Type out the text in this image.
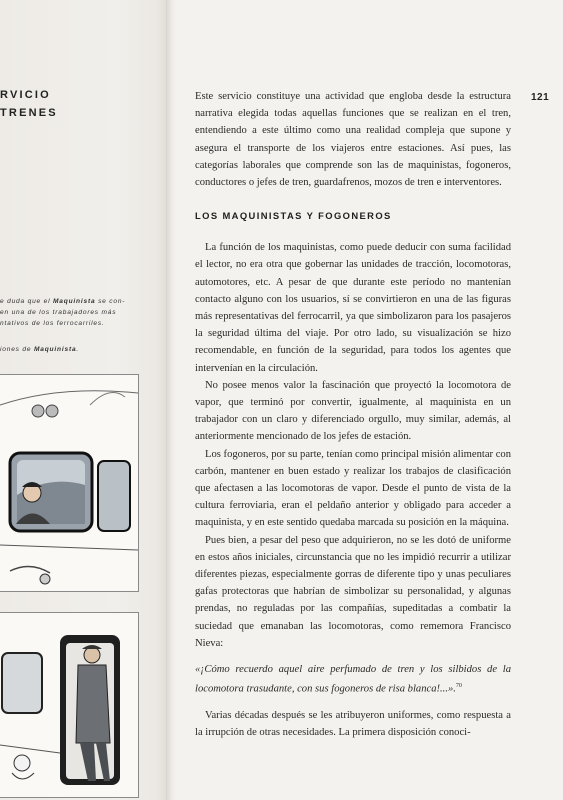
RVICIO
TRENES

e duda que el Maquinista se con-
en una de los trabajadores más
ntativos de los ferrocarriles.

iones de Maquinista.

121

Este servicio constituye una actividad que engloba desde la estructura narrativa elegida todas aquellas funciones que se realizan en el tren, entendiendo a este último como una realidad compleja que supone y asegura el transporte de los viajeros entre estaciones. Así pues, las categorías laborales que comprende son las de maquinistas, fogoneros, conductores o jefes de tren, guardafrenos, mozos de tren e interventores.

LOS MAQUINISTAS Y FOGONEROS

La función de los maquinistas, como puede deducir con suma facilidad el lector, no era otra que gobernar las unidades de tracción, locomotoras, automotores, etc. A pesar de que durante este período no mantenían contacto alguno con los usuarios, sí se convirtieron en una de las figuras más representativas del ferrocarril, ya que simbolizaron para los pasajeros la seguridad última del viaje. Por otro lado, su visualización se hizo recomendable, en función de la seguridad, para todos los agentes que intervenían en la circulación.

No posee menos valor la fascinación que proyectó la locomotora de vapor, que terminó por convertir, igualmente, al maquinista en un trabajador con un claro y diferenciado orgullo, muy similar, además, al anteriormente mencionado de los jefes de estación.

Los fogoneros, por su parte, tenían como principal misión alimentar con carbón, mantener en buen estado y realizar los trabajos de clasificación que afectasen a las locomotoras de vapor. Desde el punto de vista de la cultura ferroviaria, eran el peldaño anterior y obligado para acceder a maquinista, y en este sentido quedaba marcada su posición en la máquina.

Pues bien, a pesar del peso que adquirieron, no se les dotó de uniforme en estos años iniciales, circunstancia que no les impidió recurrir a utilizar diferentes piezas, especialmente gorras de diferente tipo y unas peculiares gafas protectoras que habrían de simbolizar su personalidad, y algunas prendas, no reguladas por las compañías, supeditadas a combatir la suciedad que emanaban las locomotoras, como rememora Francisco Nieva:

«¡Cómo recuerdo aquel aire perfumado de tren y los silbidos de la locomotora trasudante, con sus fogoneros de risa blanca!...».$^{70}$

Varias décadas después se les atribuyeron uniformes, como respuesta a la irrupción de otras necesidades. La primera disposición conoci-
